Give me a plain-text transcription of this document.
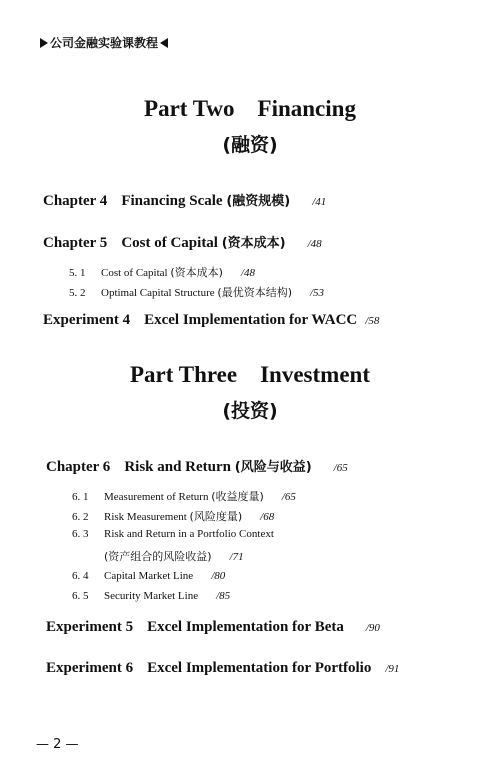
公司金融实验课教程
Part Two    Financing
(融资)
Chapter 4 Financing Scale (融资规模) /41
Chapter 5 Cost of Capital (资本成本) /48
5. 1 Cost of Capital (资本成本) /48
5. 2 Optimal Capital Structure (最优资本结构) /53
Experiment 4 Excel Implementation for WACC /58
Part Three    Investment
(投资)
Chapter 6 Risk and Return (风险与收益) /65
6. 1 Measurement of Return (收益度量) /65
6. 2 Risk Measurement (风险度量) /68
6. 3 Risk and Return in a Portfolio Context
(资产组合的风险收益) /71
6. 4 Capital Market Line /80
6. 5 Security Market Line /85
Experiment 5 Excel Implementation for Beta /90
Experiment 6 Excel Implementation for Portfolio /91
— 2 —
